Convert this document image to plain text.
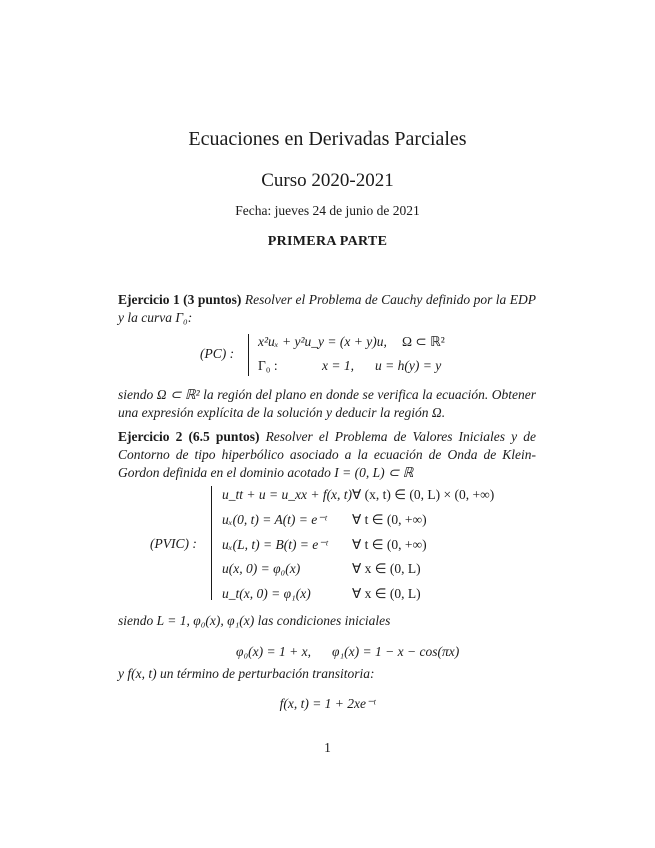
Ecuaciones en Derivadas Parciales
Curso 2020-2021
Fecha: jueves 24 de junio de 2021
PRIMERA PARTE
Ejercicio 1 (3 puntos) Resolver el Problema de Cauchy definido por la EDP y la curva Γ₀:
(PC) :
x²uₓ + y²u_y = (x + y)u, Ω ⊂ ℝ²
Γ₀ :	x = 1, u = h(y) = y
siendo Ω ⊂ ℝ² la región del plano en donde se verifica la ecuación. Obtener una expresión explícita de la solución y deducir la región Ω.
Ejercicio 2 (6.5 puntos) Resolver el Problema de Valores Iniciales y de Contorno de tipo hiperbólico asociado a la ecuación de Onda de Klein-Gordon definida en el dominio acotado I = (0, L) ⊂ ℝ
(PVIC) :
u_tt + u = u_xx + f(x, t) ∀ (x, t) ∈ (0, L) × (0, +∞)
uₓ(0, t) = A(t) = e⁻ᵗ ∀ t ∈ (0, +∞)
uₓ(L, t) = B(t) = e⁻ᵗ ∀ t ∈ (0, +∞)
u(x, 0) = φ₀(x)	∀ x ∈ (0, L)
u_t(x, 0) = φ₁(x)	∀ x ∈ (0, L)
siendo L = 1, φ₀(x), φ₁(x) las condiciones iniciales
φ₀(x) = 1 + x, φ₁(x) = 1 − x − cos(πx)
y f(x, t) un término de perturbación transitoria:
f(x, t) = 1 + 2xe⁻ᵗ
1
